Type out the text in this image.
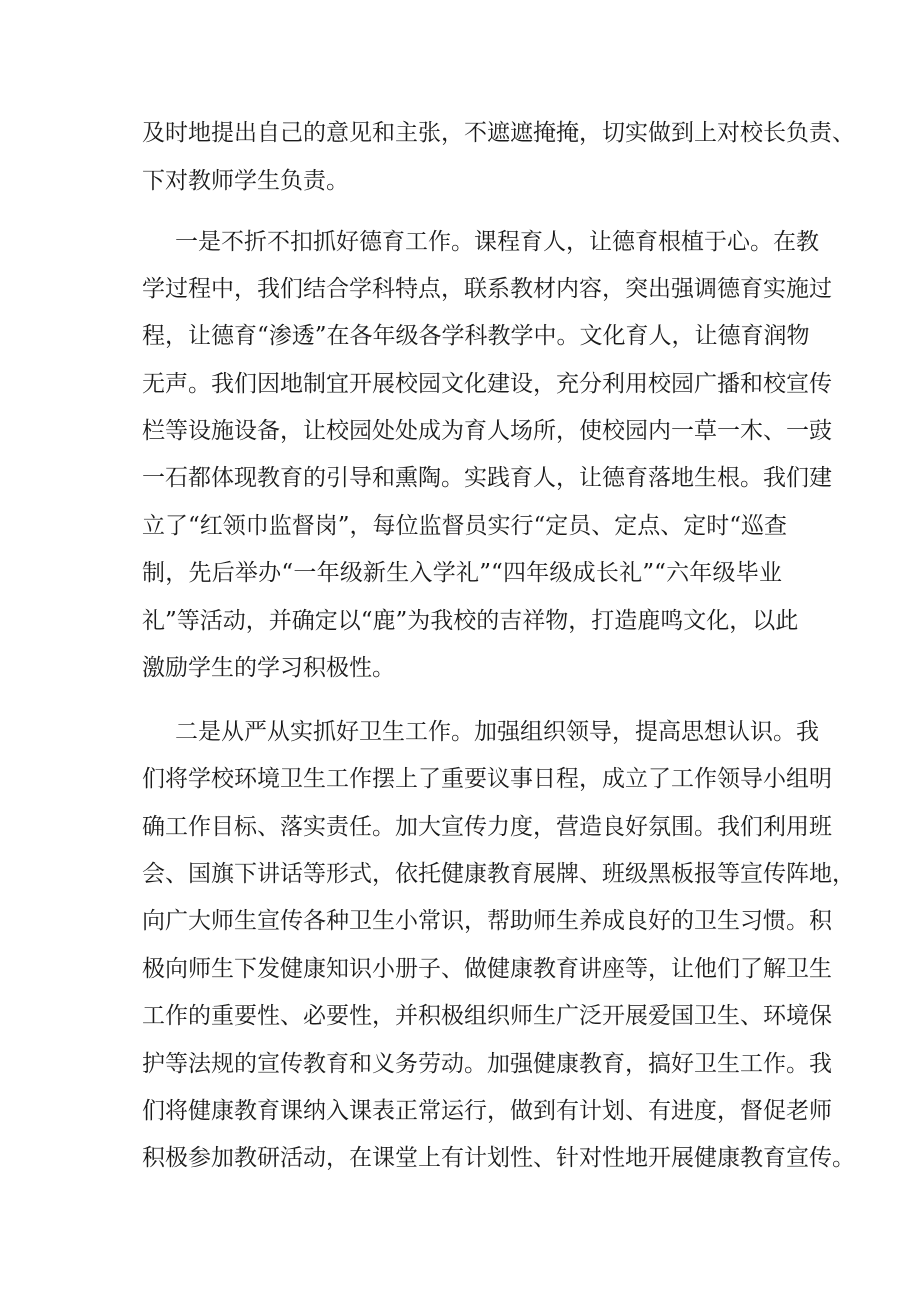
及时地提出自己的意见和主张，不遮遮掩掩，切实做到上对校长负责、
下对教师学生负责。
一是不折不扣抓好德育工作。课程育人，让德育根植于心。在教
学过程中，我们结合学科特点，联系教材内容，突出强调德育实施过
程，让德育“渗透”在各年级各学科教学中。文化育人，让德育润物
无声。我们因地制宜开展校园文化建设，充分利用校园广播和校宣传
栏等设施设备，让校园处处成为育人场所，使校园内一草一木、一豉
一石都体现教育的引导和熏陶。实践育人，让德育落地生根。我们建
立了“红领巾监督岗”，每位监督员实行“定员、定点、定时“巡查
制，先后举办“一年级新生入学礼”“四年级成长礼”“六年级毕业
礼”等活动，并确定以“鹿”为我校的吉祥物，打造鹿鸣文化，以此
激励学生的学习积极性。
二是从严从实抓好卫生工作。加强组织领导，提高思想认识。我
们将学校环境卫生工作摆上了重要议事日程，成立了工作领导小组明
确工作目标、落实责任。加大宣传力度，营造良好氛围。我们利用班
会、国旗下讲话等形式，依托健康教育展牌、班级黑板报等宣传阵地，
向广大师生宣传各种卫生小常识，帮助师生养成良好的卫生习惯。积
极向师生下发健康知识小册子、做健康教育讲座等，让他们了解卫生
工作的重要性、必要性，并积极组织师生广泛开展爱国卫生、环境保
护等法规的宣传教育和义务劳动。加强健康教育，搞好卫生工作。我
们将健康教育课纳入课表正常运行，做到有计划、有进度，督促老师
积极参加教研活动，在课堂上有计划性、针对性地开展健康教育宣传。
